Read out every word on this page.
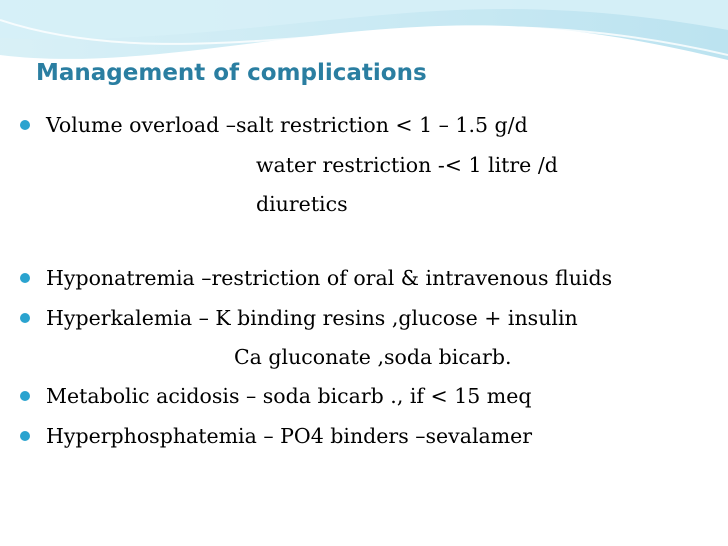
Management of complications
Volume overload –salt restriction < 1 – 1.5 g/d
water restriction -< 1 litre /d
diuretics
Hyponatremia –restriction of oral & intravenous fluids
Hyperkalemia – K binding resins ,glucose + insulin
Ca gluconate ,soda bicarb.
Metabolic acidosis – soda bicarb ., if < 15 meq
Hyperphosphatemia – PO4 binders –sevalamer
